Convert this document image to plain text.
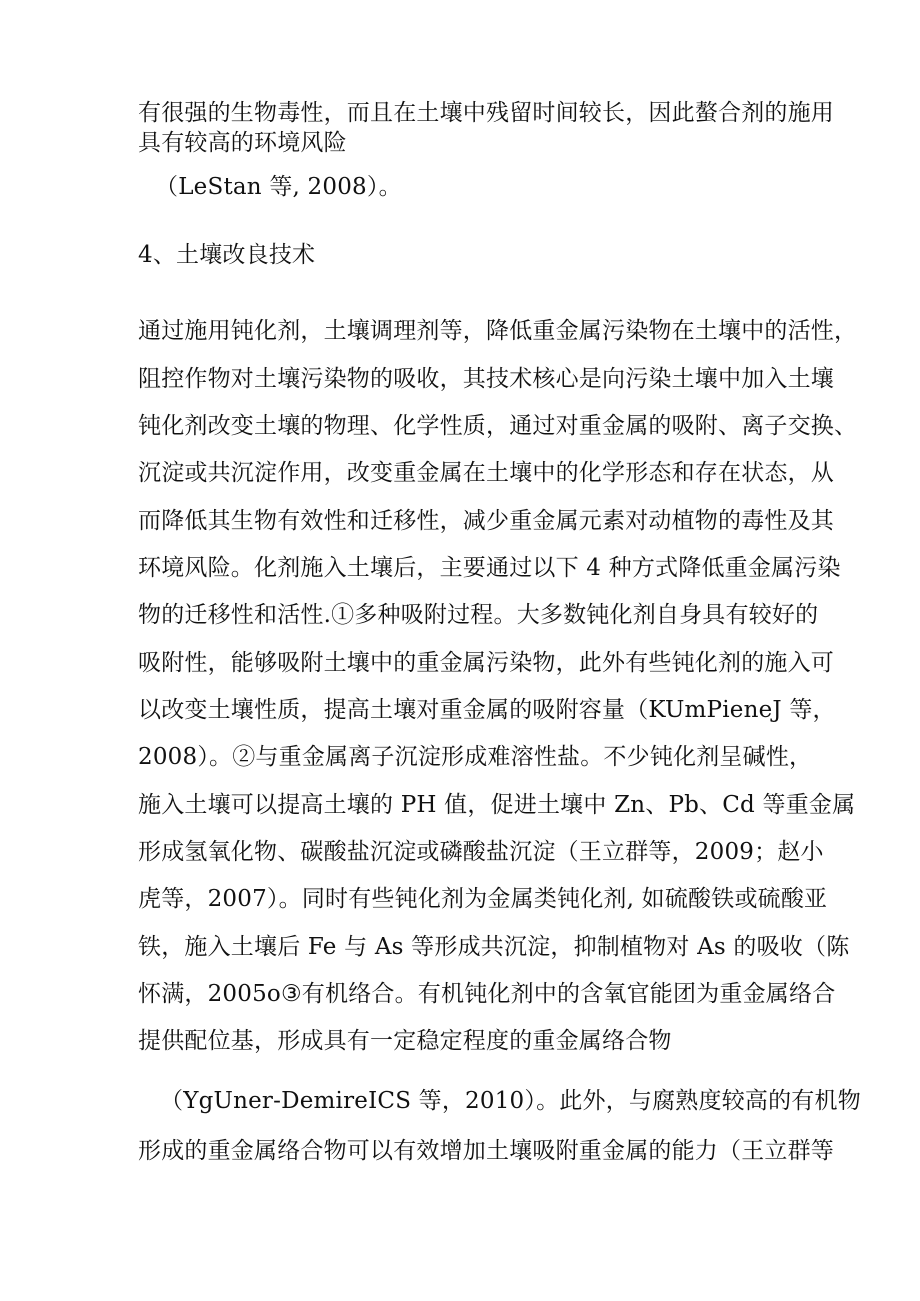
有很强的生物毒性，而且在土壤中残留时间较长，因此螯合剂的施用
具有较高的环境风险
（LeStan 等, 2008）。
4、土壤改良技术
通过施用钝化剂，土壤调理剂等，降低重金属污染物在土壤中的活性，
阻控作物对土壤污染物的吸收，其技术核心是向污染土壤中加入土壤
钝化剂改变土壤的物理、化学性质，通过对重金属的吸附、离子交换、
沉淀或共沉淀作用，改变重金属在土壤中的化学形态和存在状态，从
而降低其生物有效性和迁移性，减少重金属元素对动植物的毒性及其
环境风险。化剂施入土壤后，主要通过以下 4 种方式降低重金属污染
物的迁移性和活性.①多种吸附过程。大多数钝化剂自身具有较好的
吸附性，能够吸附土壤中的重金属污染物，此外有些钝化剂的施入可
以改变土壤性质，提高土壤对重金属的吸附容量（KUmPieneJ 等，
2008）。②与重金属离子沉淀形成难溶性盐。不少钝化剂呈碱性，
施入土壤可以提高土壤的 PH 值，促进土壤中 Zn、Pb、Cd 等重金属
形成氢氧化物、碳酸盐沉淀或磷酸盐沉淀（王立群等，2009；赵小
虎等，2007）。同时有些钝化剂为金属类钝化剂, 如硫酸铁或硫酸亚
铁，施入土壤后 Fe 与 As 等形成共沉淀，抑制植物对 As 的吸收（陈
怀满，2005o③有机络合。有机钝化剂中的含氧官能团为重金属络合
提供配位基，形成具有一定稳定程度的重金属络合物
（YgUner-DemireICS 等，2010）。此外，与腐熟度较高的有机物
形成的重金属络合物可以有效增加土壤吸附重金属的能力（王立群等
